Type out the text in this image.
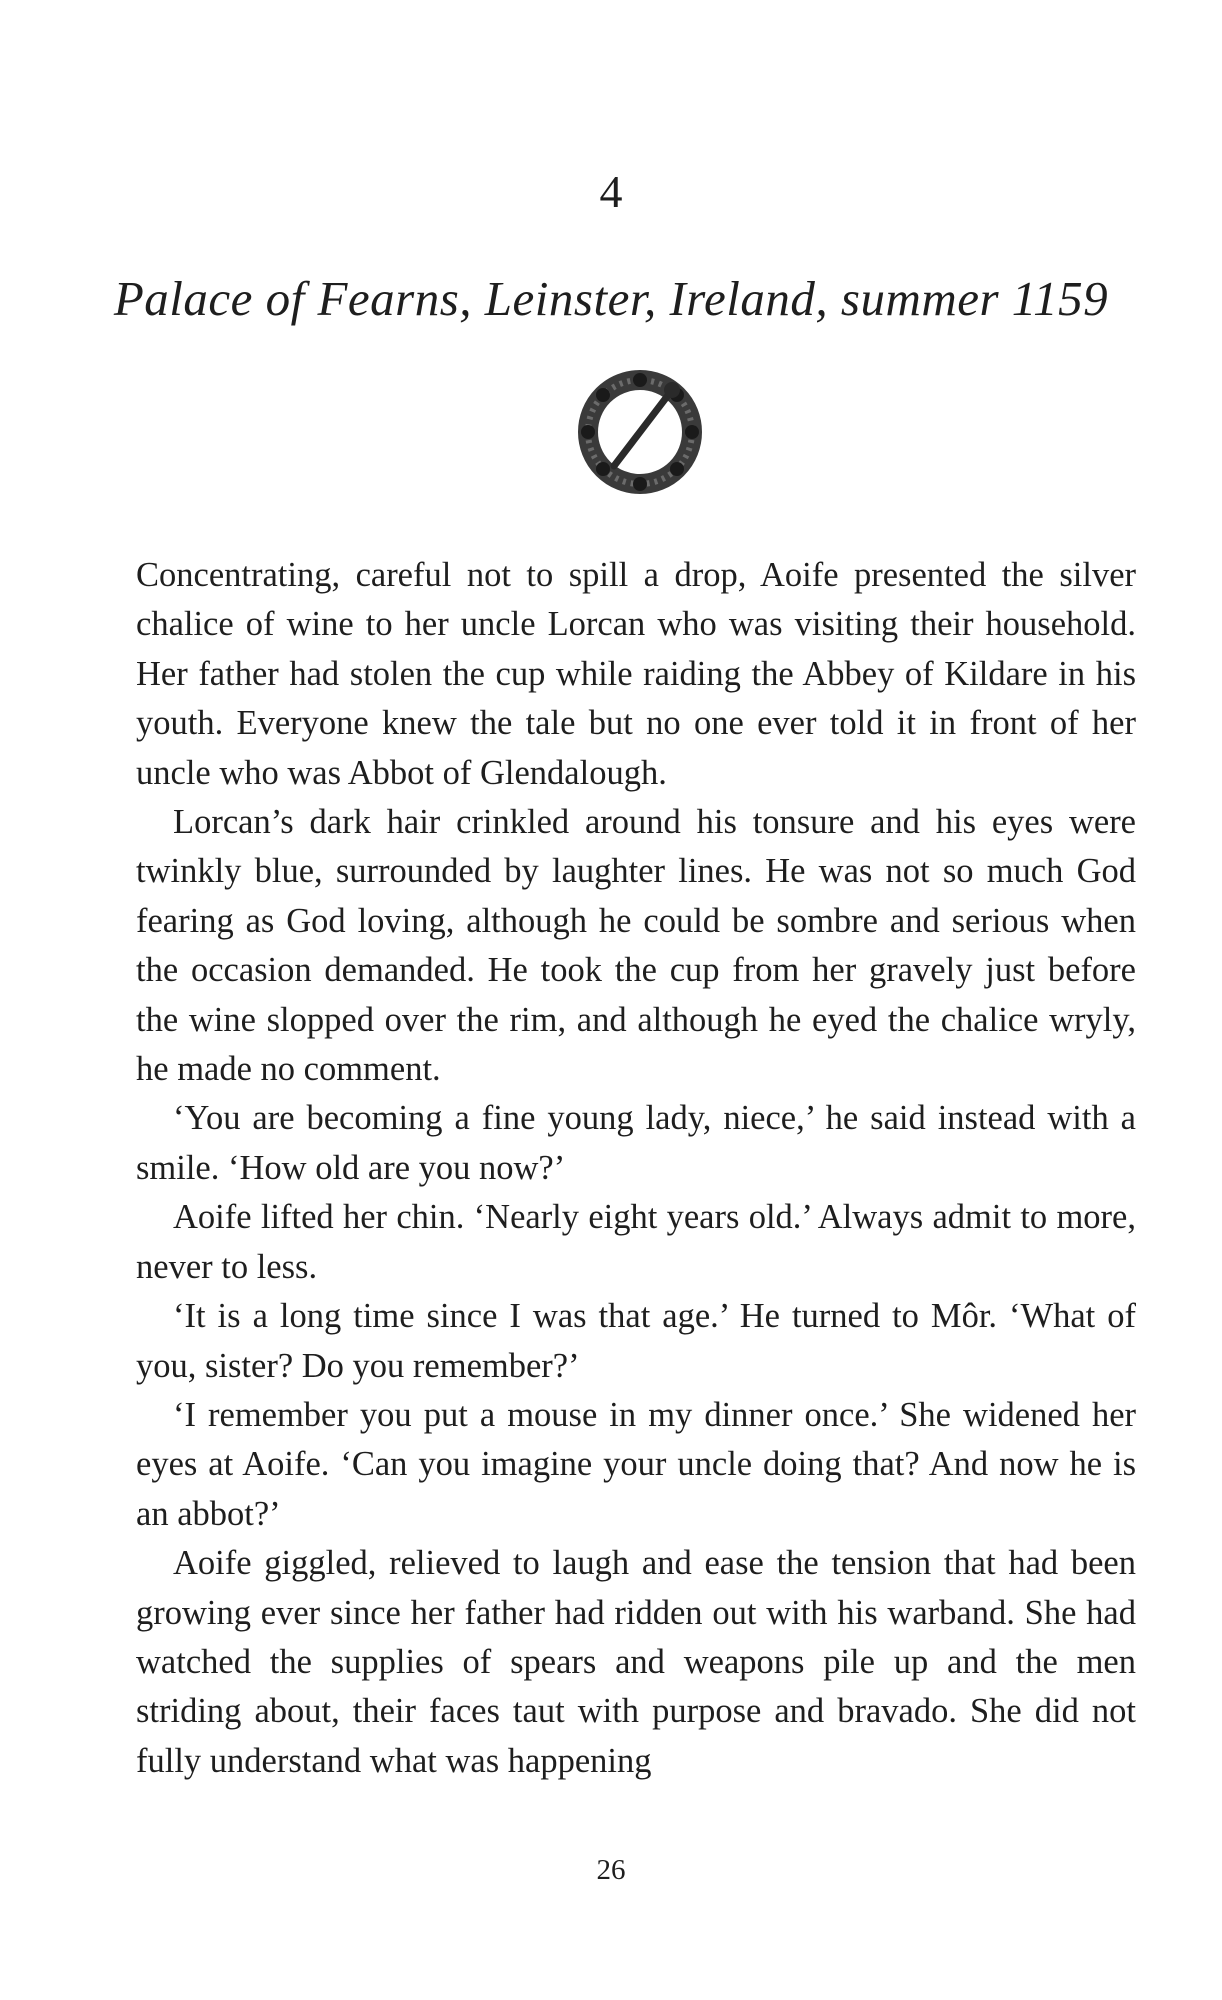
4
Palace of Fearns, Leinster, Ireland, summer 1159

Concentrating, careful not to spill a drop, Aoife presented the silver chalice of wine to her uncle Lorcan who was visiting their household. Her father had stolen the cup while raiding the Abbey of Kildare in his youth. Everyone knew the tale but no one ever told it in front of her uncle who was Abbot of Glendalough.

Lorcan’s dark hair crinkled around his tonsure and his eyes were twinkly blue, surrounded by laughter lines. He was not so much God fearing as God loving, although he could be sombre and serious when the occasion demanded. He took the cup from her gravely just before the wine slopped over the rim, and although he eyed the chalice wryly, he made no comment.

‘You are becoming a fine young lady, niece,’ he said instead with a smile. ‘How old are you now?’

Aoife lifted her chin. ‘Nearly eight years old.’ Always admit to more, never to less.

‘It is a long time since I was that age.’ He turned to Môr. ‘What of you, sister? Do you remember?’

‘I remember you put a mouse in my dinner once.’ She widened her eyes at Aoife. ‘Can you imagine your uncle doing that? And now he is an abbot?’

Aoife giggled, relieved to laugh and ease the tension that had been growing ever since her father had ridden out with his warband. She had watched the supplies of spears and weapons pile up and the men striding about, their faces taut with purpose and bravado. She did not fully understand what was happening

26
